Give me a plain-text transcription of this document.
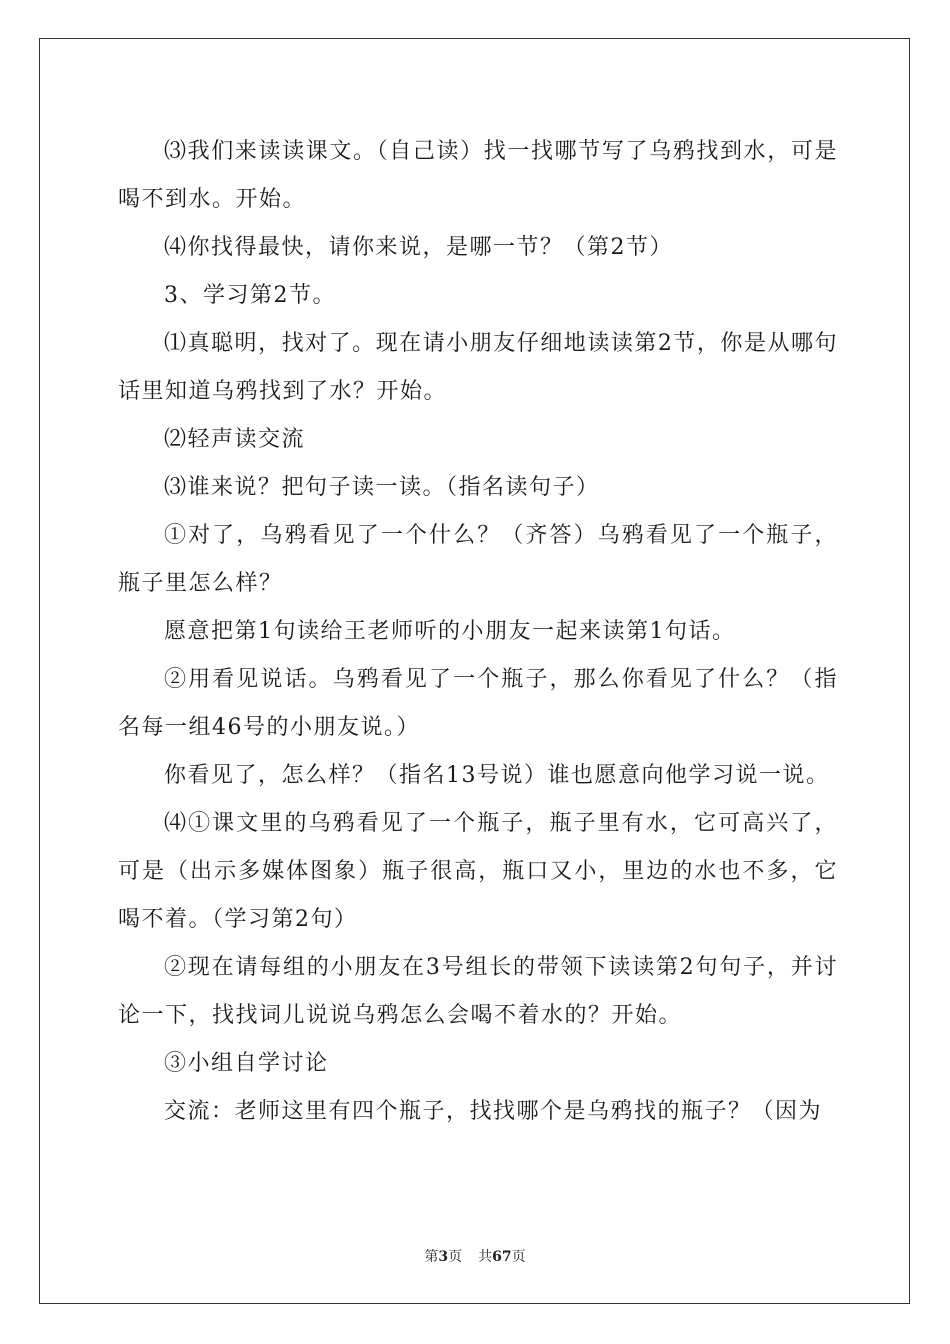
⑶我们来读读课文。（自己读）找一找哪节写了乌鸦找到水，可是喝不到水。开始。

⑷你找得最快，请你来说，是哪一节？（第2节）

3、学习第2节。

⑴真聪明，找对了。现在请小朋友仔细地读读第2节，你是从哪句话里知道乌鸦找到了水？开始。

⑵轻声读交流

⑶谁来说？把句子读一读。（指名读句子）

①对了，乌鸦看见了一个什么？（齐答）乌鸦看见了一个瓶子，瓶子里怎么样？

愿意把第1句读给王老师听的小朋友一起来读第1句话。

②用看见说话。乌鸦看见了一个瓶子，那么你看见了什么？（指名每一组46号的小朋友说。）

你看见了，怎么样？（指名13号说）谁也愿意向他学习说一说。

⑷①课文里的乌鸦看见了一个瓶子，瓶子里有水，它可高兴了，可是（出示多媒体图象）瓶子很高，瓶口又小，里边的水也不多，它喝不着。（学习第2句）

②现在请每组的小朋友在3号组长的带领下读读第2句句子，并讨论一下，找找词儿说说乌鸦怎么会喝不着水的？开始。

③小组自学讨论

交流：老师这里有四个瓶子，找找哪个是乌鸦找的瓶子？（因为

第3页 共67页
